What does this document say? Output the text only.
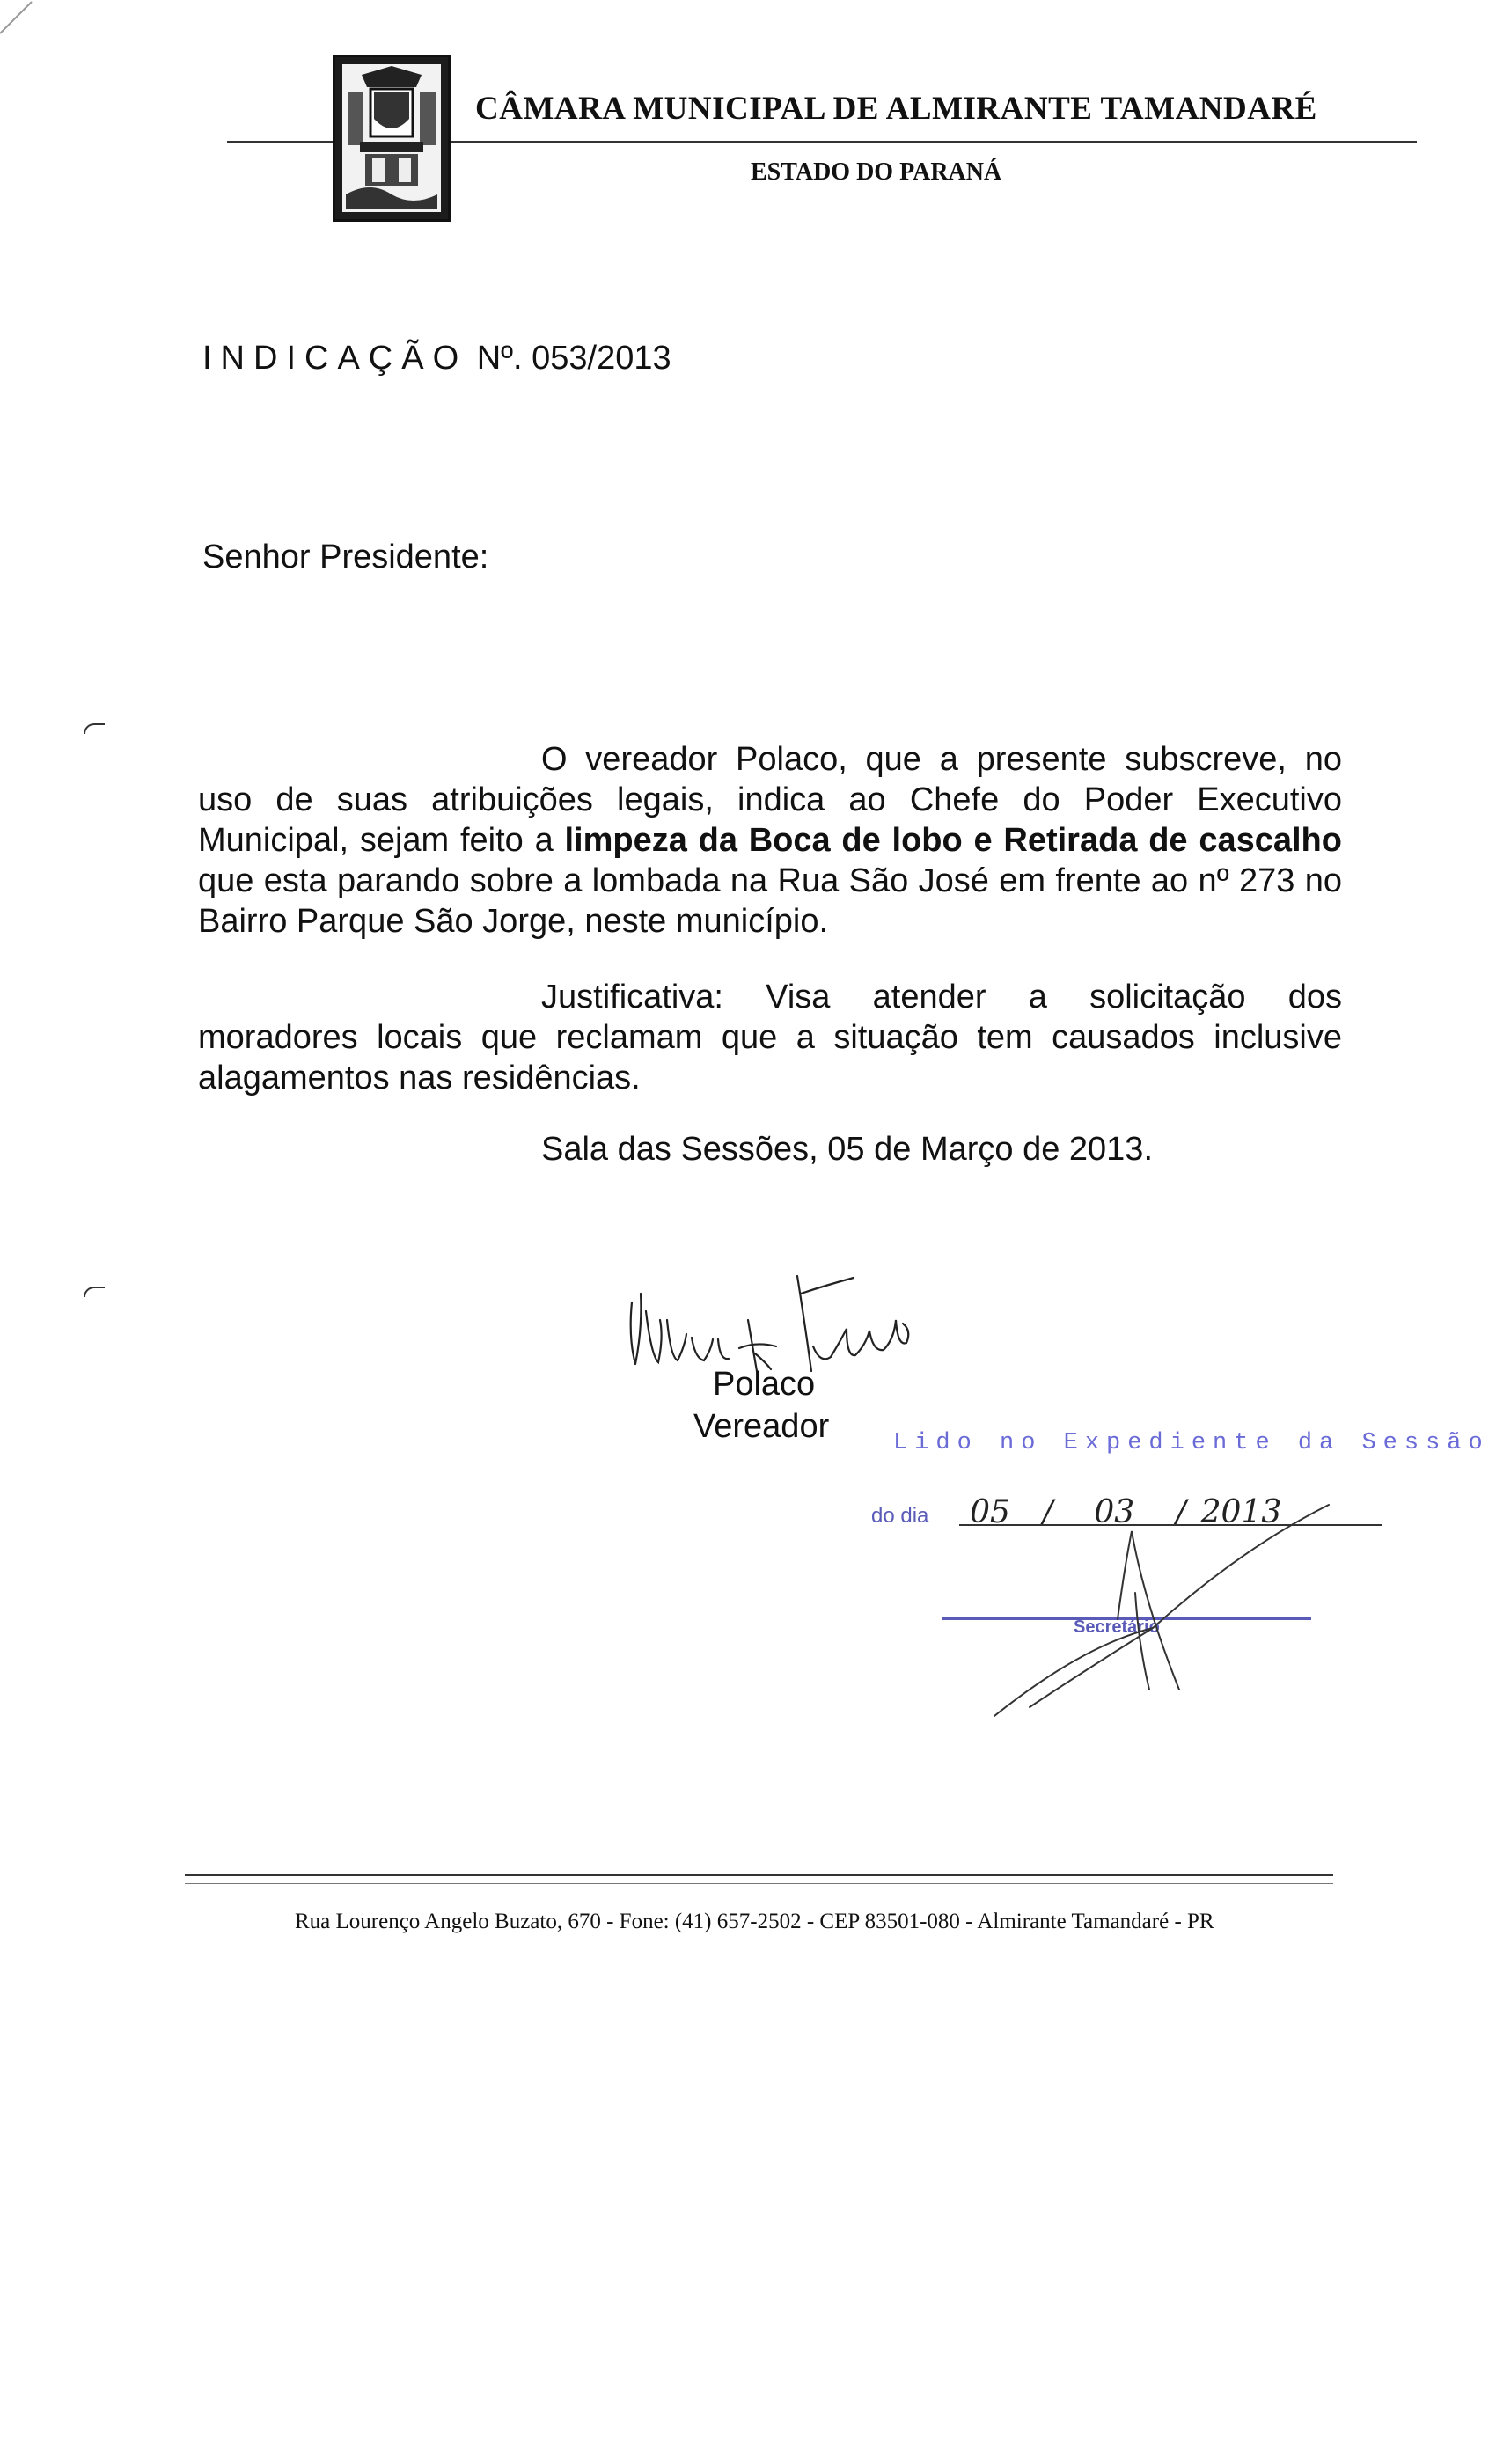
CÂMARA MUNICIPAL DE ALMIRANTE TAMANDARÉ
ESTADO DO PARANÁ
INDICAÇÃO Nº. 053/2013
Senhor Presidente:
O vereador Polaco, que a presente subscreve, no uso de suas atribuições legais, indica ao Chefe do Poder Executivo Municipal, sejam feito a limpeza da Boca de lobo e Retirada de cascalho que esta parando sobre a lombada na Rua São José em frente ao nº 273 no Bairro Parque São Jorge, neste município.
Justificativa: Visa atender a solicitação dos moradores locais que reclamam que a situação tem causados inclusive alagamentos nas residências.
Sala das Sessões, 05 de Março de 2013.
Polaco
Vereador	Lido no Expediente da Sessão
do dia 05 / 03 / 2013
Secretário
Rua Lourenço Angelo Buzato, 670 - Fone: (41) 657-2502 - CEP 83501-080 - Almirante Tamandaré - PR
